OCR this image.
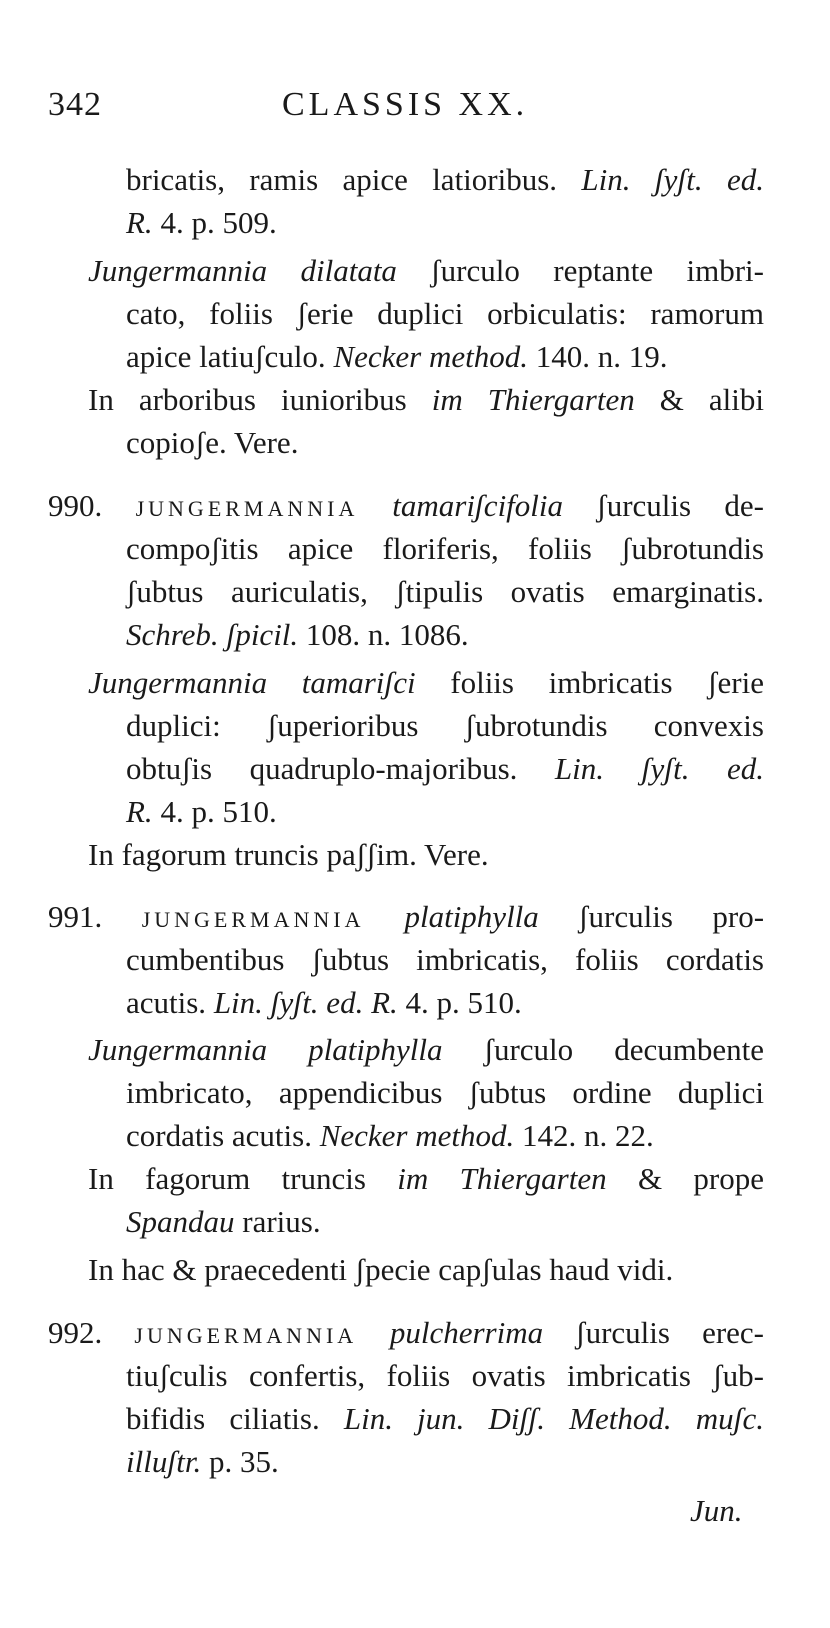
342	CLASSIS XX.
bricatis, ramis apice latioribus. Lin. ʃyʃt. ed.
R. 4. p. 509.
Jungermannia dilatata ʃurculo reptante imbri-
cato, foliis ʃerie duplici orbiculatis: ramorum
apice latiuʃculo. Necker method. 140. n. 19.
In arboribus iunioribus im Thiergarten & alibi
copioʃe. Vere.
990. JUNGERMANNIA tamariʃcifolia ʃurculis de-
compoʃitis apice floriferis, foliis ʃubrotundis
ʃubtus auriculatis, ʃtipulis ovatis emarginatis.
Schreb. ʃpicil. 108. n. 1086.
Jungermannia tamariʃci foliis imbricatis ʃerie
duplici: ʃuperioribus ʃubrotundis convexis
obtuʃis quadruplo-majoribus. Lin. ʃyʃt. ed.
R. 4. p. 510.
In fagorum truncis paʃʃim. Vere.
991. JUNGERMANNIA platiphylla ʃurculis pro-
cumbentibus ʃubtus imbricatis, foliis cordatis
acutis. Lin. ʃyʃt. ed. R. 4. p. 510.
Jungermannia platiphylla ʃurculo decumbente
imbricato, appendicibus ʃubtus ordine duplici
cordatis acutis. Necker method. 142. n. 22.
In fagorum truncis im Thiergarten & prope
Spandau rarius.
In hac & praecedenti ʃpecie capʃulas haud vidi.
992. JUNGERMANNIA pulcherrima ʃurculis erec-
tiuʃculis confertis, foliis ovatis imbricatis ʃub-
bifidis ciliatis. Lin. jun. Diʃʃ. Method. muʃc.
illuʃtr. p. 35.
Jun.
